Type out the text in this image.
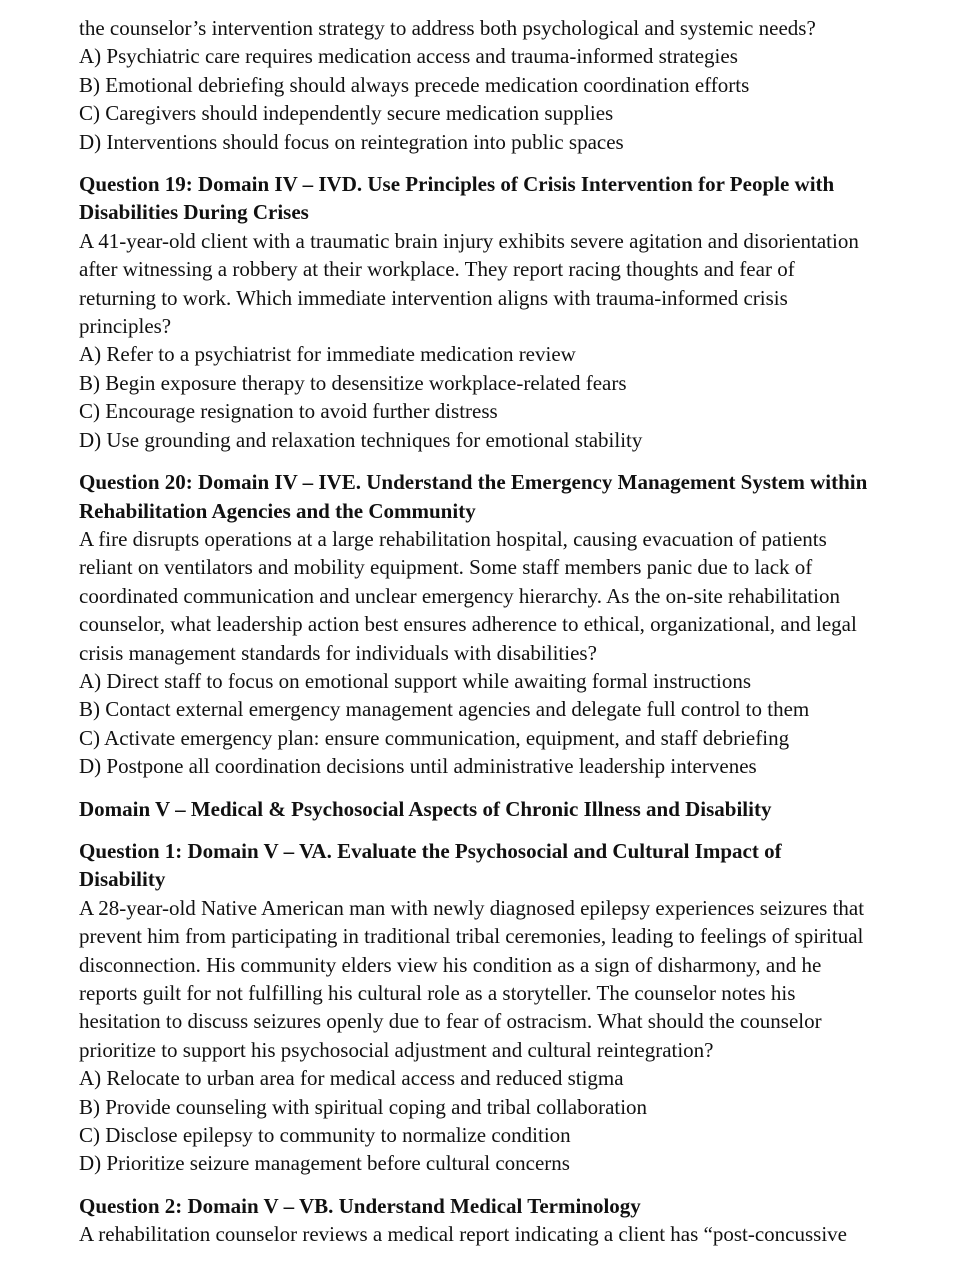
the counselor’s intervention strategy to address both psychological and systemic needs?
A) Psychiatric care requires medication access and trauma-informed strategies
B) Emotional debriefing should always precede medication coordination efforts
C) Caregivers should independently secure medication supplies
D) Interventions should focus on reintegration into public spaces
Question 19: Domain IV – IVD. Use Principles of Crisis Intervention for People with
Disabilities During Crises
A 41-year-old client with a traumatic brain injury exhibits severe agitation and disorientation
after witnessing a robbery at their workplace. They report racing thoughts and fear of
returning to work. Which immediate intervention aligns with trauma-informed crisis
principles?
A) Refer to a psychiatrist for immediate medication review
B) Begin exposure therapy to desensitize workplace-related fears
C) Encourage resignation to avoid further distress
D) Use grounding and relaxation techniques for emotional stability
Question 20: Domain IV – IVE. Understand the Emergency Management System within
Rehabilitation Agencies and the Community
A fire disrupts operations at a large rehabilitation hospital, causing evacuation of patients
reliant on ventilators and mobility equipment. Some staff members panic due to lack of
coordinated communication and unclear emergency hierarchy. As the on-site rehabilitation
counselor, what leadership action best ensures adherence to ethical, organizational, and legal
crisis management standards for individuals with disabilities?
A) Direct staff to focus on emotional support while awaiting formal instructions
B) Contact external emergency management agencies and delegate full control to them
C) Activate emergency plan: ensure communication, equipment, and staff debriefing
D) Postpone all coordination decisions until administrative leadership intervenes
Domain V – Medical & Psychosocial Aspects of Chronic Illness and Disability
Question 1: Domain V – VA. Evaluate the Psychosocial and Cultural Impact of
Disability
A 28-year-old Native American man with newly diagnosed epilepsy experiences seizures that
prevent him from participating in traditional tribal ceremonies, leading to feelings of spiritual
disconnection. His community elders view his condition as a sign of disharmony, and he
reports guilt for not fulfilling his cultural role as a storyteller. The counselor notes his
hesitation to discuss seizures openly due to fear of ostracism. What should the counselor
prioritize to support his psychosocial adjustment and cultural reintegration?
A) Relocate to urban area for medical access and reduced stigma
B) Provide counseling with spiritual coping and tribal collaboration
C) Disclose epilepsy to community to normalize condition
D) Prioritize seizure management before cultural concerns
Question 2: Domain V – VB. Understand Medical Terminology
A rehabilitation counselor reviews a medical report indicating a client has “post-concussive
